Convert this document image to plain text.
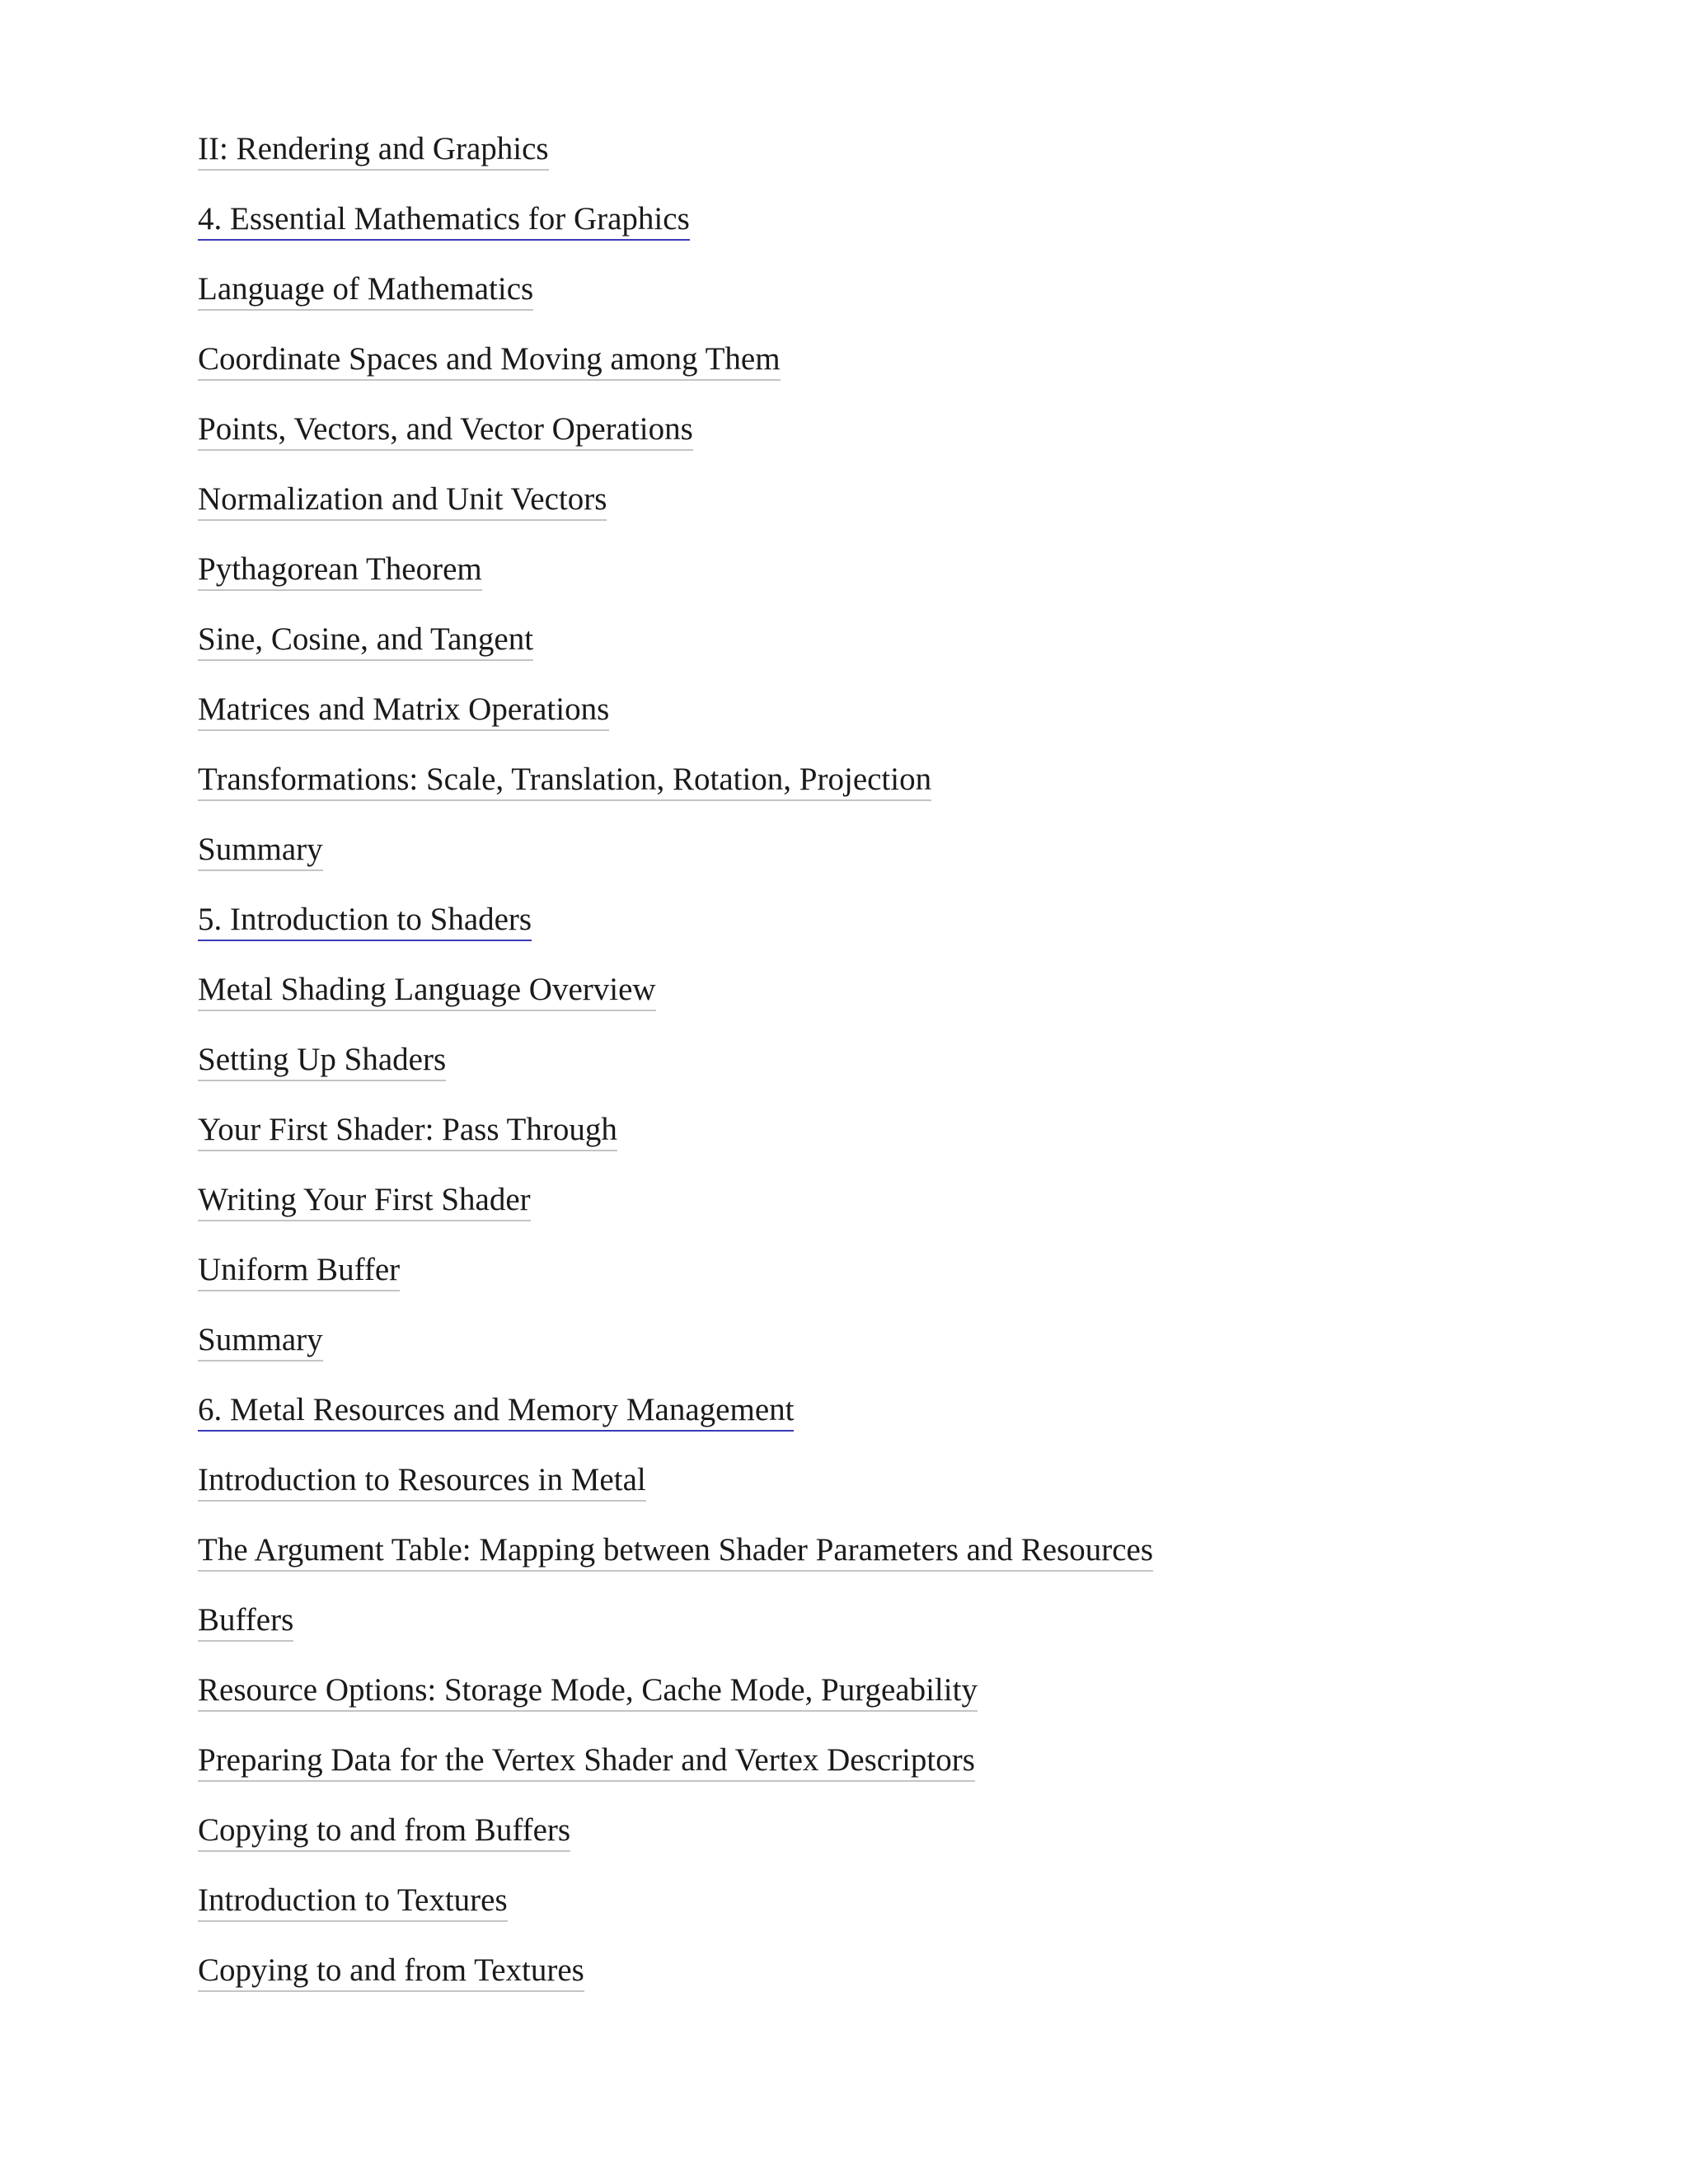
II: Rendering and Graphics
4. Essential Mathematics for Graphics
Language of Mathematics
Coordinate Spaces and Moving among Them
Points, Vectors, and Vector Operations
Normalization and Unit Vectors
Pythagorean Theorem
Sine, Cosine, and Tangent
Matrices and Matrix Operations
Transformations: Scale, Translation, Rotation, Projection
Summary
5. Introduction to Shaders
Metal Shading Language Overview
Setting Up Shaders
Your First Shader: Pass Through
Writing Your First Shader
Uniform Buffer
Summary
6. Metal Resources and Memory Management
Introduction to Resources in Metal
The Argument Table: Mapping between Shader Parameters and Resources
Buffers
Resource Options: Storage Mode, Cache Mode, Purgeability
Preparing Data for the Vertex Shader and Vertex Descriptors
Copying to and from Buffers
Introduction to Textures
Copying to and from Textures
